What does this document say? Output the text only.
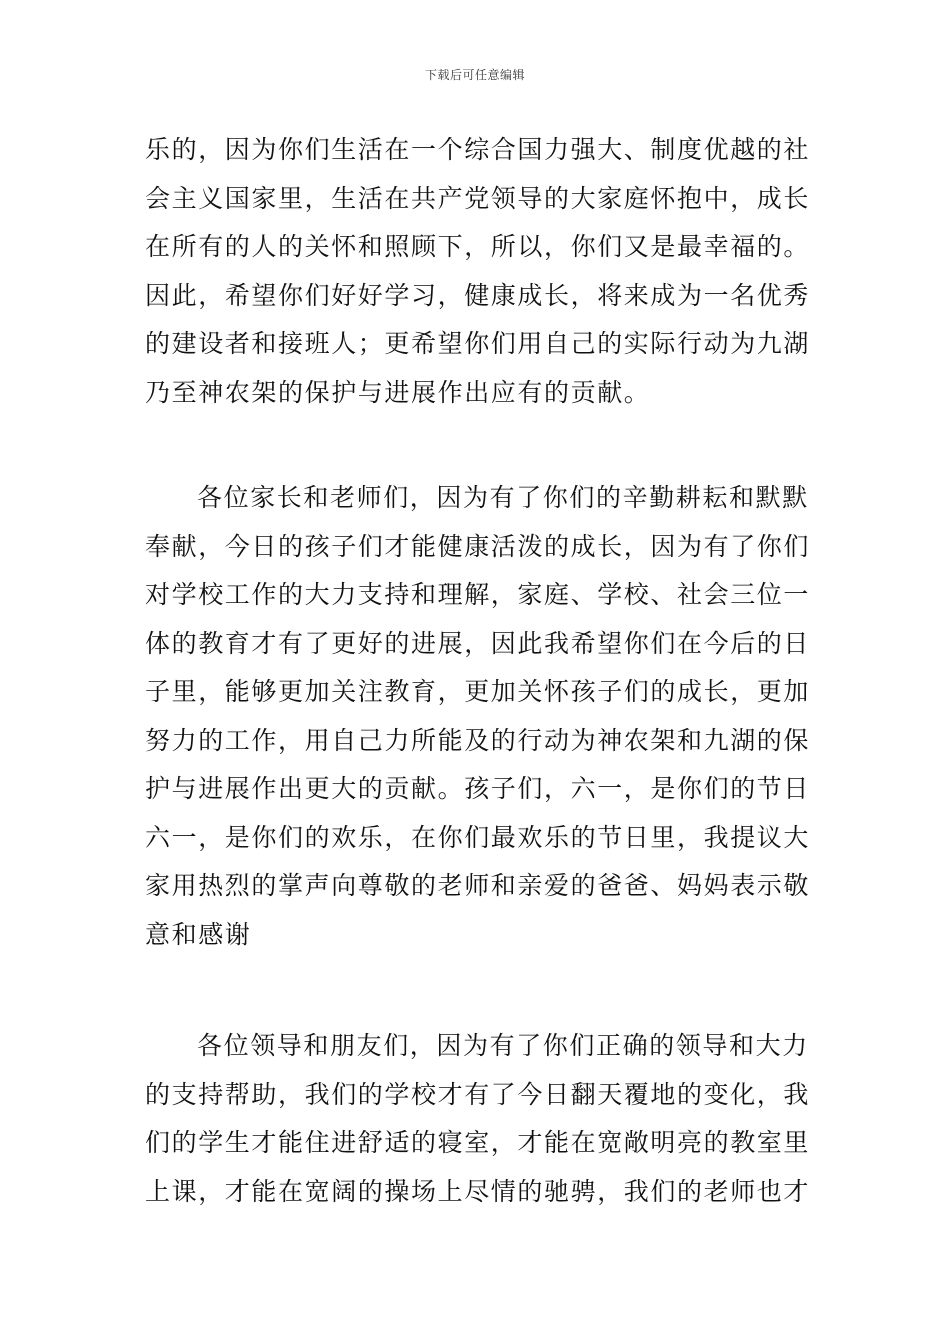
下载后可任意编辑
乐的，因为你们生活在一个综合国力强大、制度优越的社
会主义国家里，生活在共产党领导的大家庭怀抱中，成长
在所有的人的关怀和照顾下，所以，你们又是最幸福的。
因此，希望你们好好学习，健康成长，将来成为一名优秀
的建设者和接班人；更希望你们用自己的实际行动为九湖
乃至神农架的保护与进展作出应有的贡献。
各位家长和老师们，因为有了你们的辛勤耕耘和默默
奉献，今日的孩子们才能健康活泼的成长，因为有了你们
对学校工作的大力支持和理解，家庭、学校、社会三位一
体的教育才有了更好的进展，因此我希望你们在今后的日
子里，能够更加关注教育，更加关怀孩子们的成长，更加
努力的工作，用自己力所能及的行动为神农架和九湖的保
护与进展作出更大的贡献。孩子们，六一，是你们的节日
六一，是你们的欢乐，在你们最欢乐的节日里，我提议大
家用热烈的掌声向尊敬的老师和亲爱的爸爸、妈妈表示敬
意和感谢
各位领导和朋友们，因为有了你们正确的领导和大力
的支持帮助，我们的学校才有了今日翻天覆地的变化，我
们的学生才能住进舒适的寝室，才能在宽敞明亮的教室里
上课，才能在宽阔的操场上尽情的驰骋，我们的老师也才
